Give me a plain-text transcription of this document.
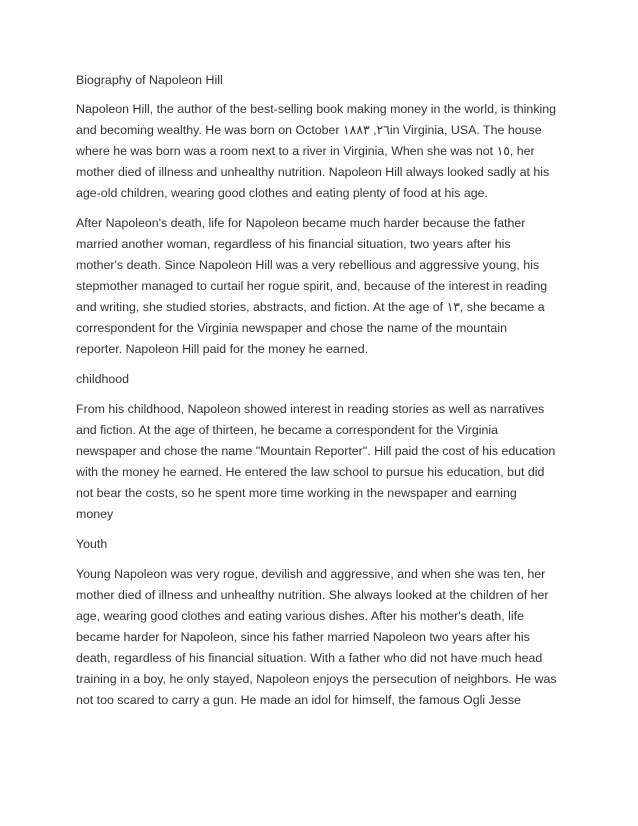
Biography of Napoleon Hill
Napoleon Hill, the author of the best-selling book making money in the world, is thinking
and becoming wealthy. He was born on October ٢٦, ١٨٨٣in Virginia, USA. The house
where he was born was a room next to a river in Virginia, When she was not ١٥, her
mother died of illness and unhealthy nutrition. Napoleon Hill always looked sadly at his
age-old children, wearing good clothes and eating plenty of food at his age.
After Napoleon's death, life for Napoleon became much harder because the father
married another woman, regardless of his financial situation, two years after his
mother's death. Since Napoleon Hill was a very rebellious and aggressive young, his
stepmother managed to curtail her rogue spirit, and, because of the interest in reading
and writing, she studied stories, abstracts, and fiction. At the age of ١٣, she became a
correspondent for the Virginia newspaper and chose the name of the mountain
reporter. Napoleon Hill paid for the money he earned.
childhood
From his childhood, Napoleon showed interest in reading stories as well as narratives
and fiction. At the age of thirteen, he became a correspondent for the Virginia
newspaper and chose the name "Mountain Reporter". Hill paid the cost of his education
with the money he earned. He entered the law school to pursue his education, but did
not bear the costs, so he spent more time working in the newspaper and earning
money
Youth
Young Napoleon was very rogue, devilish and aggressive, and when she was ten, her
mother died of illness and unhealthy nutrition. She always looked at the children of her
age, wearing good clothes and eating various dishes. After his mother's death, life
became harder for Napoleon, since his father married Napoleon two years after his
death, regardless of his financial situation. With a father who did not have much head
training in a boy, he only stayed, Napoleon enjoys the persecution of neighbors. He was
not too scared to carry a gun. He made an idol for himself, the famous Ogli Jesse
